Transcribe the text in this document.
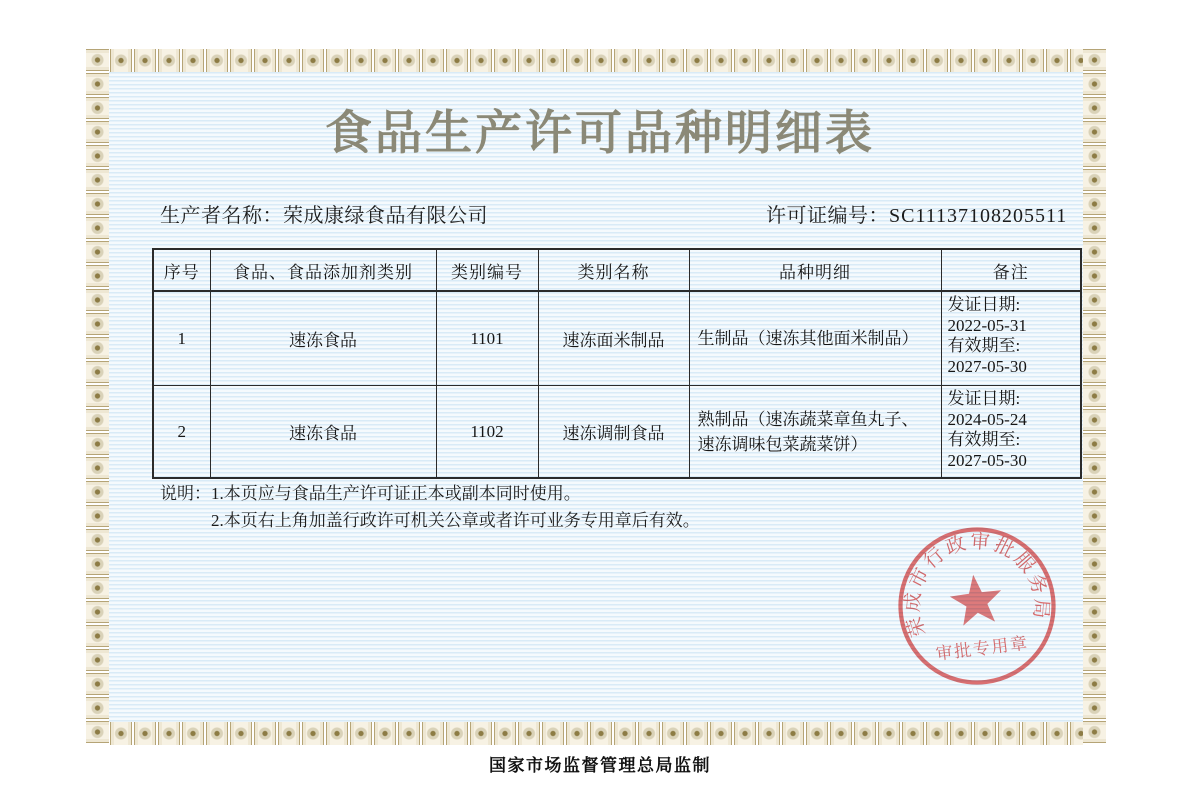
食品生产许可品种明细表
生产者名称：荣成康绿食品有限公司	许可证编号：SC11137108205511
序号	食品、食品添加剂类别	类别编号	类别名称	品种明细	备注
1	速冻食品	1101	速冻面米制品	生制品（速冻其他面米制品）	发证日期:
2022-05-31
有效期至:
2027-05-30

2	速冻食品	1102	速冻调制食品	熟制品（速冻蔬菜章鱼丸子、速冻调味包菜蔬菜饼）	发证日期:
2024-05-24
有效期至:
2027-05-30
说明： 1.本页应与食品生产许可证正本或副本同时使用。
2.本页右上角加盖行政许可机关公章或者许可业务专用章后有效。
荣成市行政审批服务局
审批专用章
国家市场监督管理总局监制
